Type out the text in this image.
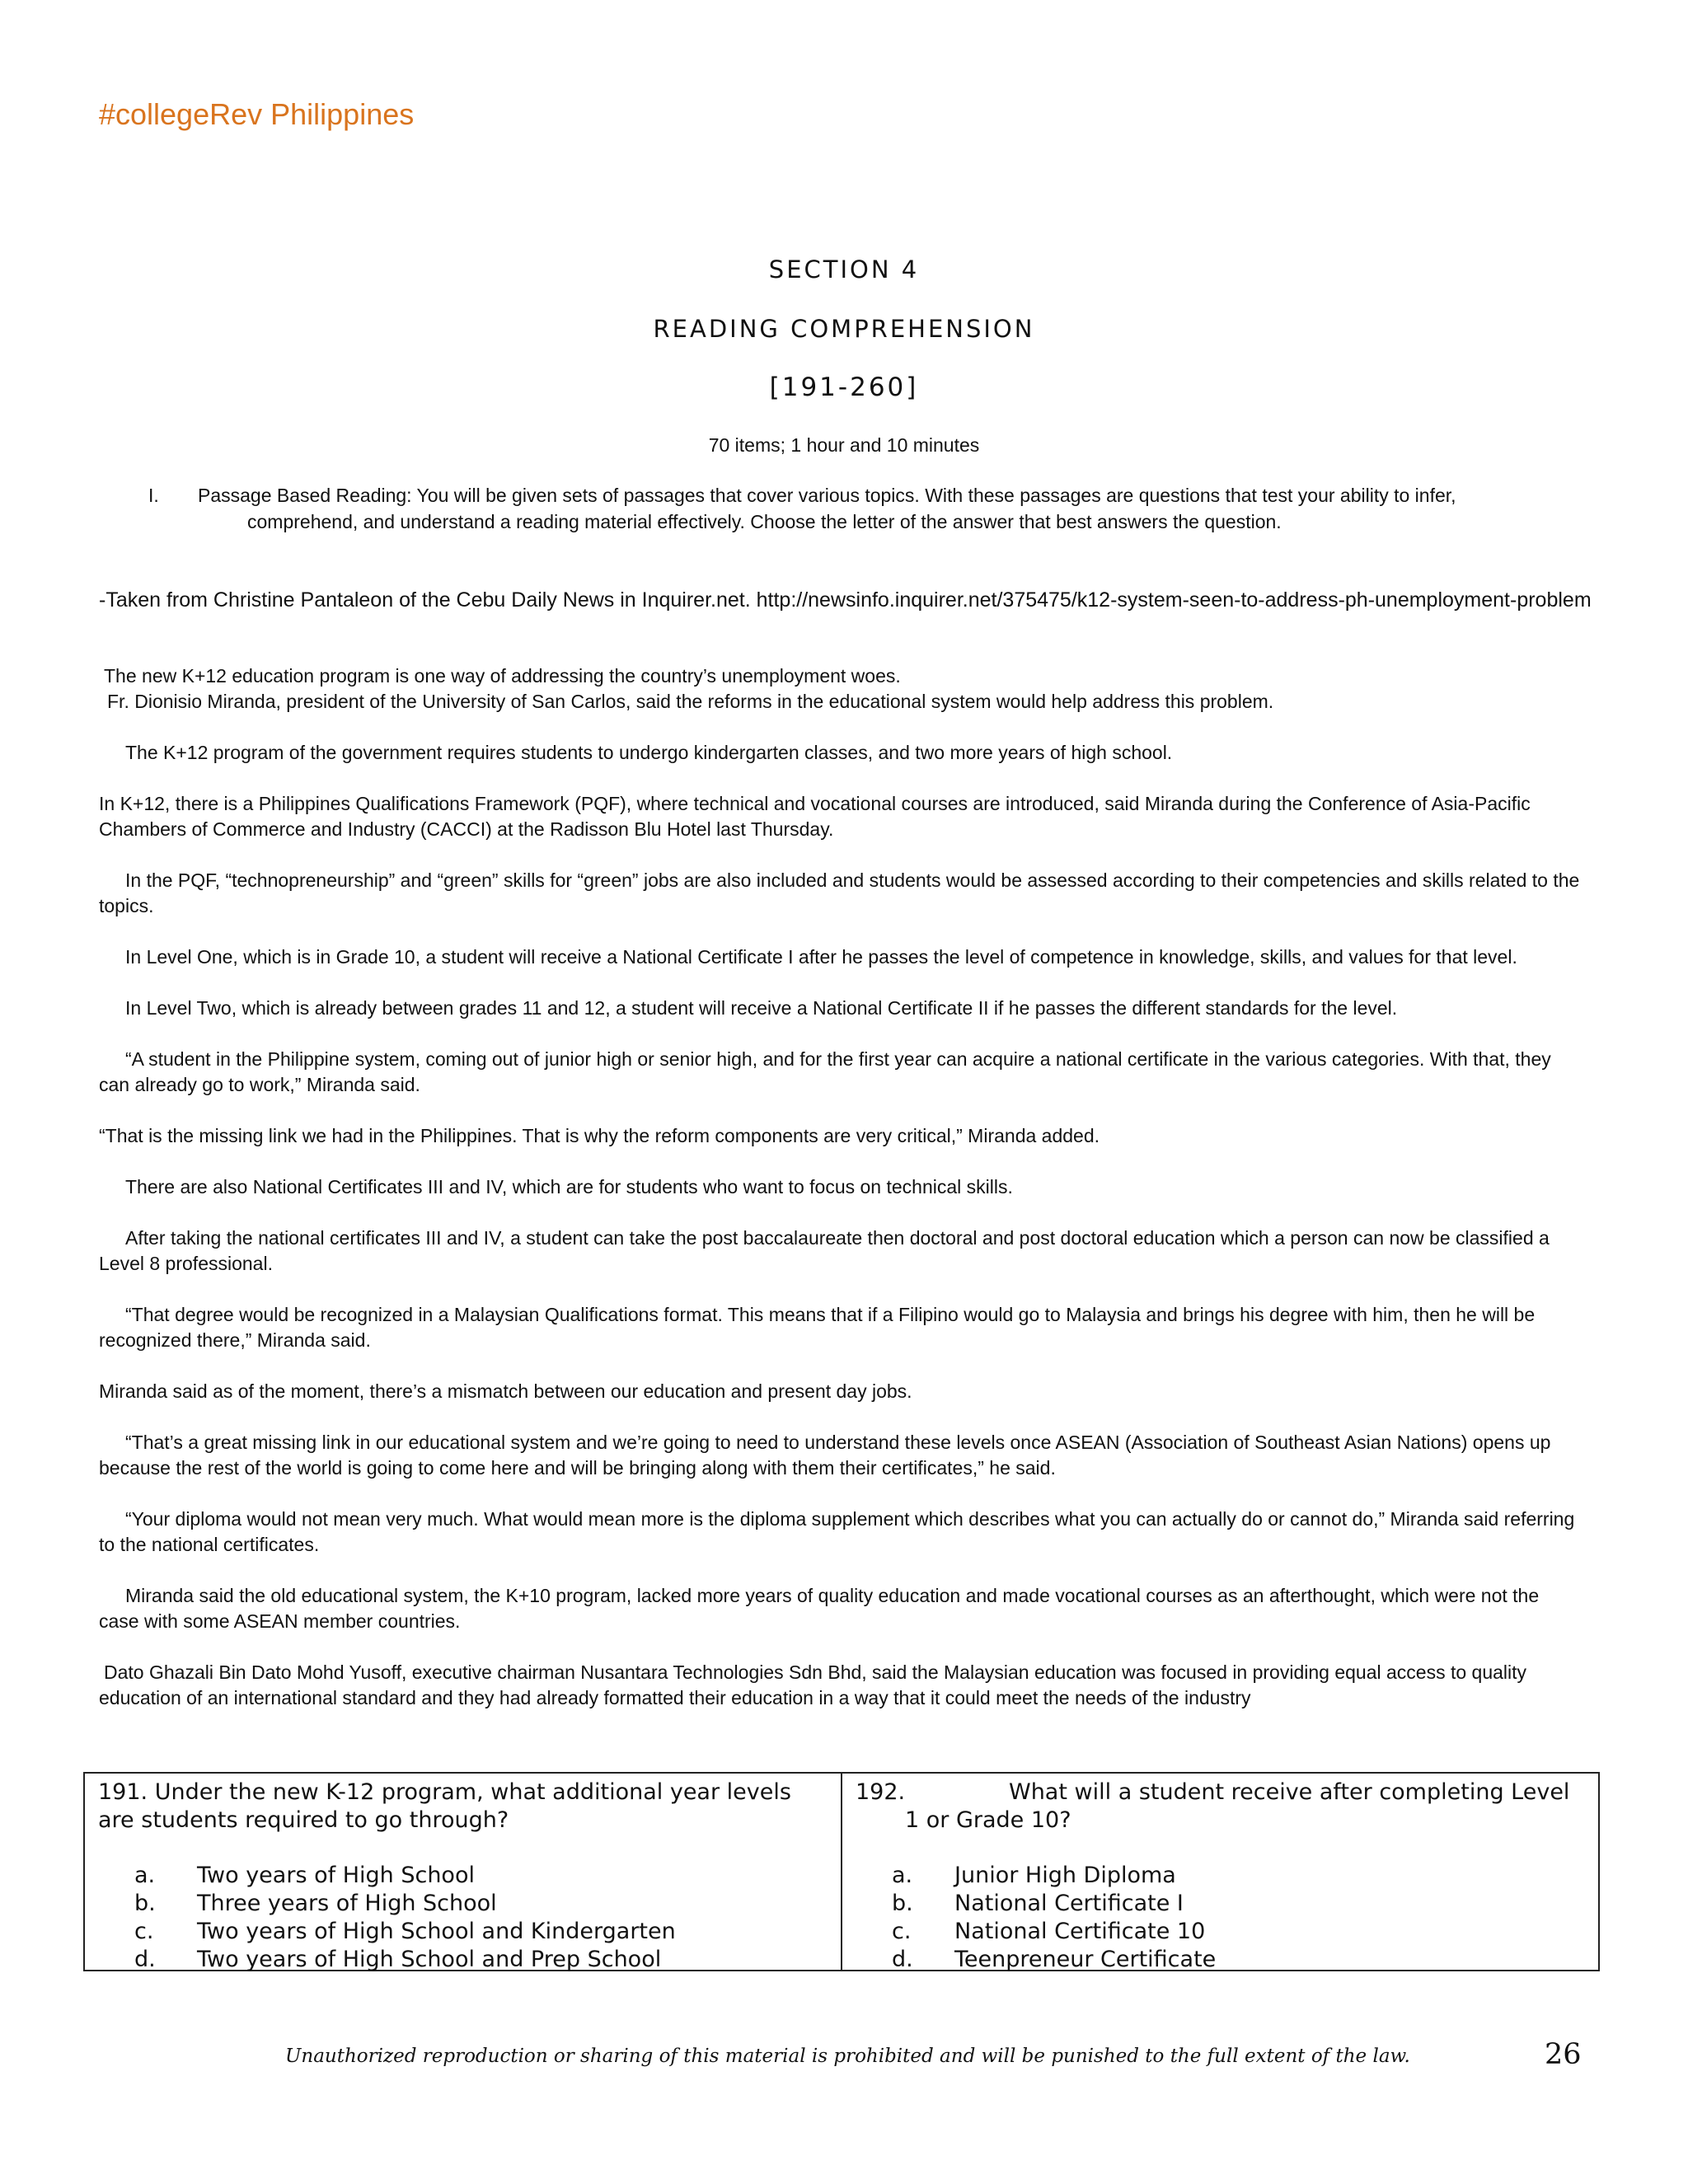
#collegeRev Philippines
SECTION 4
READING COMPREHENSION
[191-260]
70 items; 1 hour and 10 minutes
I. Passage Based Reading: You will be given sets of passages that cover various topics. With these passages are questions that test your ability to infer,
comprehend, and understand a reading material effectively. Choose the letter of the answer that best answers the question.
-Taken from Christine Pantaleon of the Cebu Daily News in Inquirer.net. http://newsinfo.inquirer.net/375475/k12-system-seen-to-address-ph-unemployment-problem

The new K+12 education program is one way of addressing the country’s unemployment woes.

Fr. Dionisio Miranda, president of the University of San Carlos, said the reforms in the educational system would help address this problem.

The K+12 program of the government requires students to undergo kindergarten classes, and two more years of high school.

In K+12, there is a Philippines Qualifications Framework (PQF), where technical and vocational courses are introduced, said Miranda during the Conference of Asia-Pacific Chambers of Commerce and Industry (CACCI) at the Radisson Blu Hotel last Thursday.

In the PQF, “technopreneurship” and “green” skills for “green” jobs are also included and students would be assessed according to their competencies and skills related to the topics.

In Level One, which is in Grade 10, a student will receive a National Certificate I after he passes the level of competence in knowledge, skills, and values for that level.

In Level Two, which is already between grades 11 and 12, a student will receive a National Certificate II if he passes the different standards for the level.

“A student in the Philippine system, coming out of junior high or senior high, and for the first year can acquire a national certificate in the various categories. With that, they can already go to work,” Miranda said.

“That is the missing link we had in the Philippines. That is why the reform components are very critical,” Miranda added.

There are also National Certificates III and IV, which are for students who want to focus on technical skills.

After taking the national certificates III and IV, a student can take the post baccalaureate then doctoral and post doctoral education which a person can now be classified a Level 8 professional.

“That degree would be recognized in a Malaysian Qualifications format. This means that if a Filipino would go to Malaysia and brings his degree with him, then he will be recognized there,” Miranda said.

Miranda said as of the moment, there’s a mismatch between our education and present day jobs.

“That’s a great missing link in our educational system and we’re going to need to understand these levels once ASEAN (Association of Southeast Asian Nations) opens up because the rest of the world is going to come here and will be bringing along with them their certificates,” he said.

“Your diploma would not mean very much. What would mean more is the diploma supplement which describes what you can actually do or cannot do,” Miranda said referring to the national certificates.

Miranda said the old educational system, the K+10 program, lacked more years of quality education and made vocational courses as an afterthought, which were not the case with some ASEAN member countries.

Dato Ghazali Bin Dato Mohd Yusoff, executive chairman Nusantara Technologies Sdn Bhd, said the Malaysian education was focused in providing equal access to quality education of an international standard and they had already formatted their education in a way that it could meet the needs of the industry

191. Under the new K-12 program, what additional year levels are students required to go through?
a.	Two years of High School
b.	Three years of High School
c.	Two years of High School and Kindergarten
d.	Two years of High School and Prep School
192.	What will a student receive after completing Level 1 or Grade 10?
a.	Junior High Diploma
b.	National Certificate I
c.	National Certificate 10
d.	Teenpreneur Certificate
Unauthorized reproduction or sharing of this material is prohibited and will be punished to the full extent of the law.	26
